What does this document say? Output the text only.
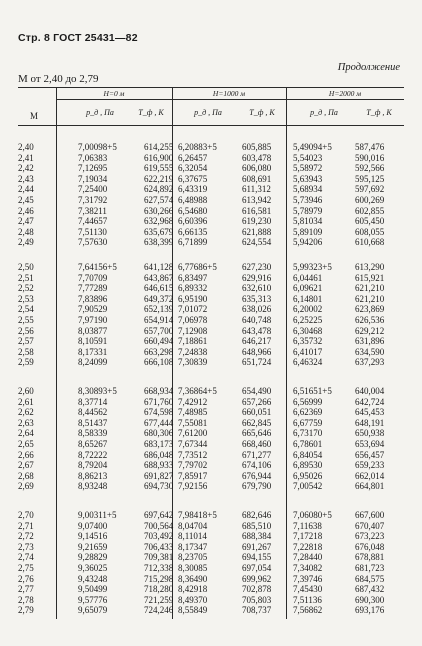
Стр. 8 ГОСТ 25431—82
Продолжение
M от 2,40 до 2,79
M
H=0 м	H=1000 м	H=2000 м
p_д , Па	T_ф , К	p_д , Па	T_ф , К	p_д , Па	T_ф , К
2,40	7,00098+5	614,255 6,20883+5	605,885 5,49094+5	587,476
2,41	7,06383	616,900 6,26457	603,478 5,54023	590,016
2,42	7,12695	619,555 6,32054	606,080 5,58972	592,566
2,43	7,19034	622,219 6,37675	608,691 5,63943	595,125
2,44	7,25400	624,892 6,43319	611,312 5,68934	597,692
2,45	7,31792	627,574 6,48988	613,942 5,73946	600,269
2,46	7,38211	630,266 6,54680	616,581 5,78979	602,855
2,47	7,44657	632,968 6,60396	619,230 5,81034	605,450
2,48	7,51130	635,679 6,66135	621,888 5,89109	608,055
2,49	7,57630	638,399 6,71899	624,554 5,94206	610,668
2,50	7,64156+5	641,128 6,77686+5	627,230 5,99323+5	613,290
2,51	7,70709	643,867 6,83497	629,916 6,04461	615,921
2,52	7,77289	646,615 6,89332	632,610 6,09621	621,210
2,53	7,83896	649,372 6,95190	635,313 6,14801	621,210
2,54	7,90529	652,139 7,01072	638,026 6,20002	623,869
2,55	7,97190	654,914 7,06978	640,748 6,25225	626,536
2,56	8,03877	657,700 7,12908	643,478 6,30468	629,212
2,57	8,10591	660,494 7,18861	646,217 6,35732	631,896
2,58	8,17331	663,298 7,24838	648,966 6,41017	634,590
2,59	8,24099	666,108 7,30839	651,724 6,46324	637,293
2,60	8,30893+5	668,934 7,36864+5	654,490 6,51651+5	640,004
2,61	8,37714	671,760 7,42912	657,266 6,56999	642,724
2,62	8,44562	674,598 7,48985	660,051 6,62369	645,453
2,63	8,51437	677,444 7,55081	662,845 6,67759	648,191
2,64	8,58339	680,306 7,61200	665,646 6,73170	650,938
2,65	8,65267	683,173 7,67344	668,460 6,78601	653,694
2,66	8,72222	686,048 7,73512	671,277 6,84054	656,457
2,67	8,79204	688,933 7,79702	674,106 6,89530	659,233
2,68	8,86213	691,827 7,85917	676,944 6,95026	662,014
2,69	8,93248	694,730 7,92156	679,790 7,00542	664,801
2,70	9,00311+5	697,642 7,98418+5	682,646 7,06080+5	667,600
2,71	9,07400	700,564 8,04704	685,510 7,11638	670,407
2,72	9,14516	703,492 8,11014	688,384 7,17218	673,223
2,73	9,21659	706,433 8,17347	691,267 7,22818	676,048
2,74	9,28829	709,381 8,23705	694,155 7,28440	678,881
2,75	9,36025	712,338 8,30085	697,054 7,34082	681,723
2,76	9,43248	715,298 8,36490	699,962 7,39746	684,575
2,77	9,50499	718,280 8,42918	702,878 7,45430	687,432
2,78	9,57776	721,259 8,49370	705,803 7,51136	690,300
2,79	9,65079	724,246 8,55849	708,737 7,56862	693,176
